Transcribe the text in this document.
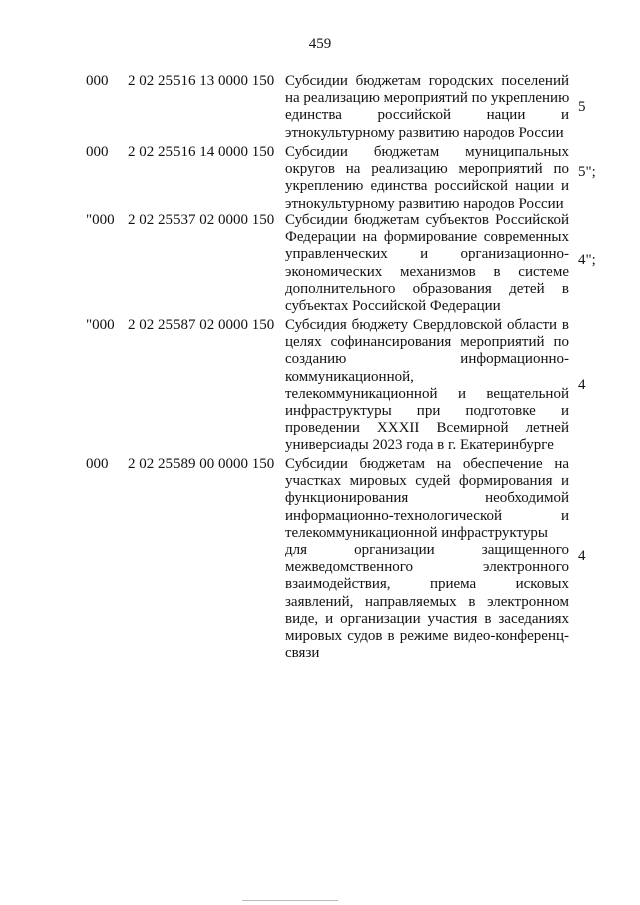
459
000 2 02 25516 13 0000 150 Субсидии бюджетам городских поселений
на реализацию мероприятий по укреплению
единства российской нации и
этнокультурному развитию народов России
5
000 2 02 25516 14 0000 150 Субсидии бюджетам муниципальных
округов на реализацию мероприятий по
укреплению единства российской нации и
этнокультурному развитию народов России
5";
"000 2 02 25537 02 0000 150 Субсидии бюджетам субъектов Российской
Федерации на формирование современных
управленческих и организационно-
экономических механизмов в системе
дополнительного образования детей в
субъектах Российской Федерации
4";
"000 2 02 25587 02 0000 150 Субсидия бюджету Свердловской области в
целях софинансирования мероприятий по
созданию информационно-
коммуникационной,
телекоммуникационной и вещательной
инфраструктуры при подготовке и
проведении XXXII Всемирной летней
универсиады 2023 года в г. Екатеринбурге
4
000 2 02 25589 00 0000 150 Субсидии бюджетам на обеспечение на
участках мировых судей формирования и
функционирования необходимой
информационно-технологической и
телекоммуникационной инфраструктуры
для организации защищенного
межведомственного электронного
взаимодействия, приема исковых
заявлений, направляемых в электронном
виде, и организации участия в заседаниях
мировых судов в режиме видео-конференц-
связи
4
